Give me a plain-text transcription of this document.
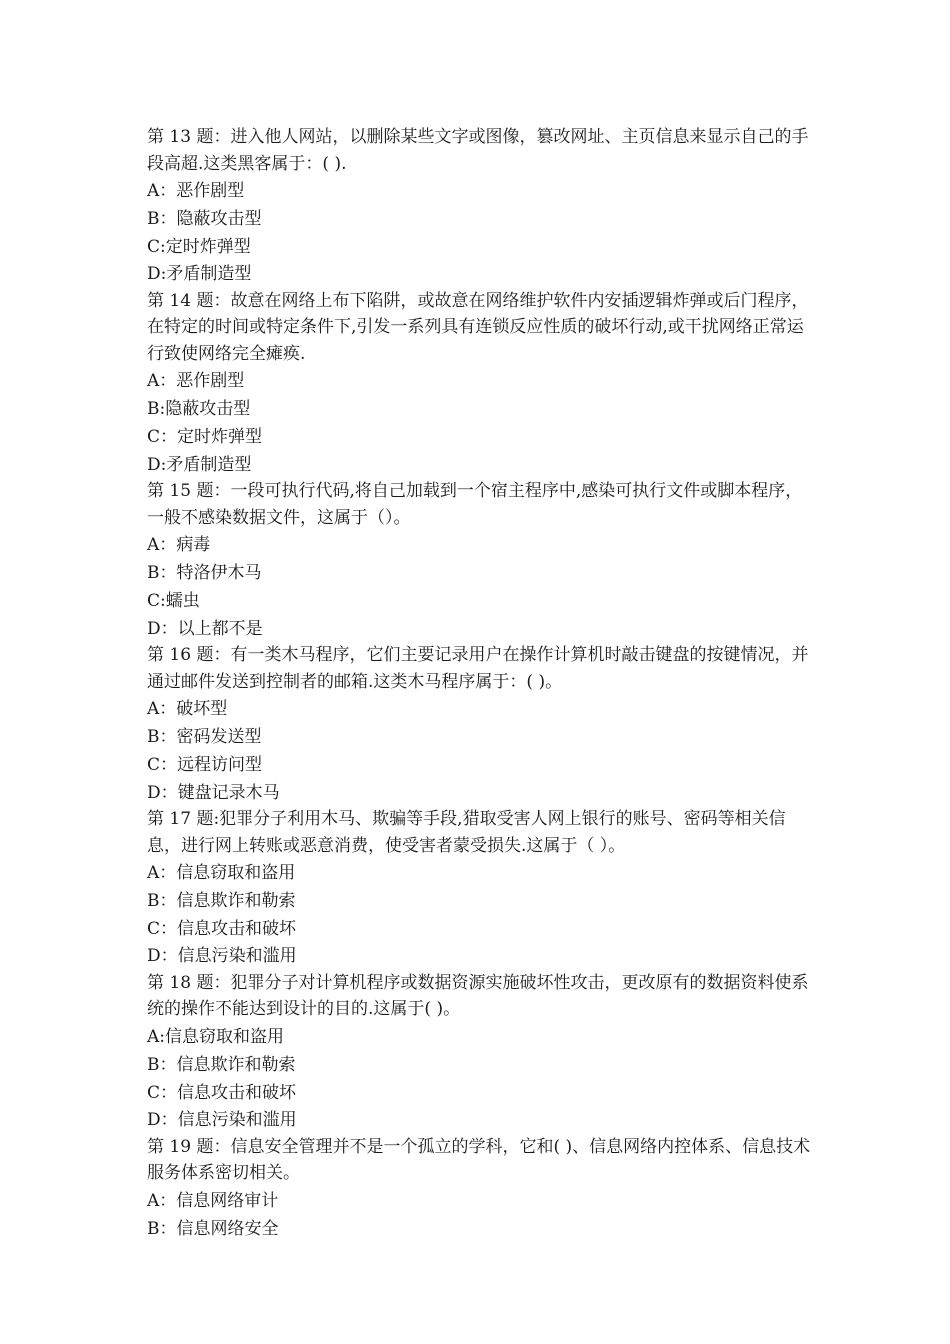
第 13 题：进入他人网站，以删除某些文字或图像，篡改网址、主页信息来显示自己的手段高超.这类黑客属于：( ).
A：恶作剧型
B：隐蔽攻击型
C:定时炸弹型
D:矛盾制造型
第 14 题：故意在网络上布下陷阱，或故意在网络维护软件内安插逻辑炸弹或后门程序，在特定的时间或特定条件下,引发一系列具有连锁反应性质的破坏行动,或干扰网络正常运行致使网络完全瘫痪.
A：恶作剧型
B:隐蔽攻击型
C：定时炸弹型
D:矛盾制造型
第 15 题：一段可执行代码,将自己加载到一个宿主程序中,感染可执行文件或脚本程序，一般不感染数据文件，这属于（）。
A：病毒
B：特洛伊木马
C:蠕虫
D：以上都不是
第 16 题：有一类木马程序，它们主要记录用户在操作计算机时敲击键盘的按键情况，并通过邮件发送到控制者的邮箱.这类木马程序属于：( )。
A：破坏型
B：密码发送型
C：远程访问型
D：键盘记录木马
第 17 题:犯罪分子利用木马、欺骗等手段,猎取受害人网上银行的账号、密码等相关信息，进行网上转账或恶意消费，使受害者蒙受损失.这属于（ ）。
A：信息窃取和盗用
B：信息欺诈和勒索
C：信息攻击和破坏
D：信息污染和滥用
第 18 题：犯罪分子对计算机程序或数据资源实施破坏性攻击，更改原有的数据资料使系统的操作不能达到设计的目的.这属于( )。
A:信息窃取和盗用
B：信息欺诈和勒索
C：信息攻击和破坏
D：信息污染和滥用
第 19 题：信息安全管理并不是一个孤立的学科，它和( )、信息网络内控体系、信息技术服务体系密切相关。
A：信息网络审计
B：信息网络安全
